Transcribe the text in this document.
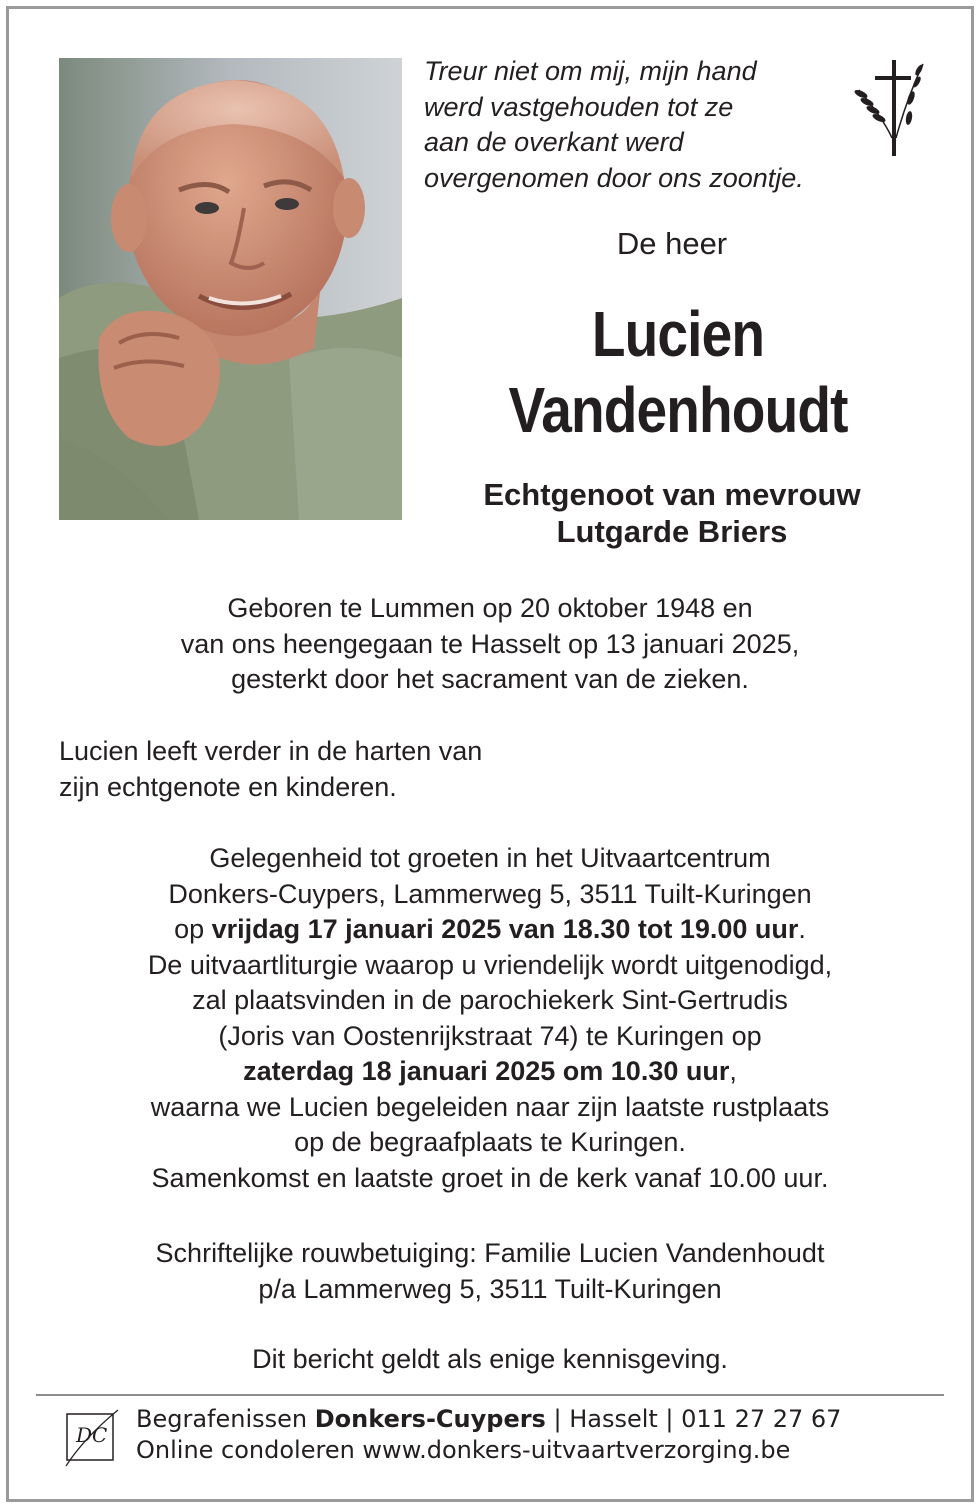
Treur niet om mij, mijn hand
werd vastgehouden tot ze
aan de overkant werd
overgenomen door ons zoontje.
De heer
Lucien
Vandenhoudt
Echtgenoot van mevrouw
Lutgarde Briers
Geboren te Lummen op 20 oktober 1948 en
van ons heengegaan te Hasselt op 13 januari 2025,
gesterkt door het sacrament van de zieken.
Lucien leeft verder in de harten van
zijn echtgenote en kinderen.
Gelegenheid tot groeten in het Uitvaartcentrum
Donkers-Cuypers, Lammerweg 5, 3511 Tuilt-Kuringen
op vrijdag 17 januari 2025 van 18.30 tot 19.00 uur.
De uitvaartliturgie waarop u vriendelijk wordt uitgenodigd,
zal plaatsvinden in de parochiekerk Sint-Gertrudis
(Joris van Oostenrijkstraat 74) te Kuringen op
zaterdag 18 januari 2025 om 10.30 uur,
waarna we Lucien begeleiden naar zijn laatste rustplaats
op de begraafplaats te Kuringen.
Samenkomst en laatste groet in de kerk vanaf 10.00 uur.
Schriftelijke rouwbetuiging: Familie Lucien Vandenhoudt
p/a Lammerweg 5, 3511 Tuilt-Kuringen
Dit bericht geldt als enige kennisgeving.
DC
Begrafenissen Donkers-Cuypers | Hasselt | 011 27 27 67
Online condoleren www.donkers-uitvaartverzorging.be
